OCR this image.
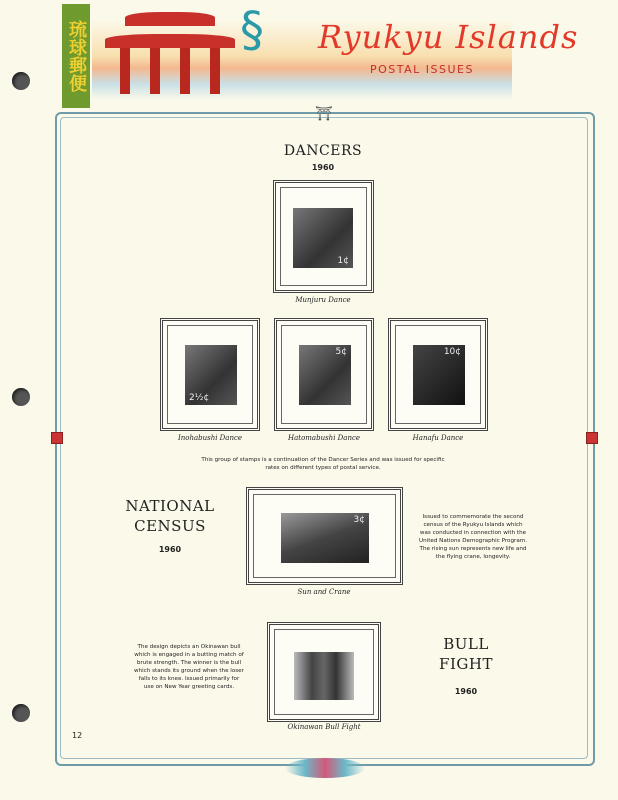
琉球郵便	§ Ryukyu Islands
POSTAL ISSUES
⛩
DANCERS
1960
1¢
Munjuru Dance
2½¢
Inohabushi Dance
5¢
Hatomabushi Dance
10¢
Hanafu Dance
This group of stamps is a continuation of the Dancer Series and was issued for specific rates on different types of postal service.
NATIONAL
CENSUS
1960
3¢
Sun and Crane
Issued to commemorate the second census of the Ryukyu Islands which was conducted in connection with the United Nations Demographic Program. The rising sun represents new life and the flying crane, longevity.
The design depicts an Okinawan bull which is engaged in a butting match of brute strength. The winner is the bull which stands its ground when the loser falls to its knee. Issued primarily for use on New Year greeting cards.
Okinawan Bull Fight
BULL
FIGHT
1960
12
